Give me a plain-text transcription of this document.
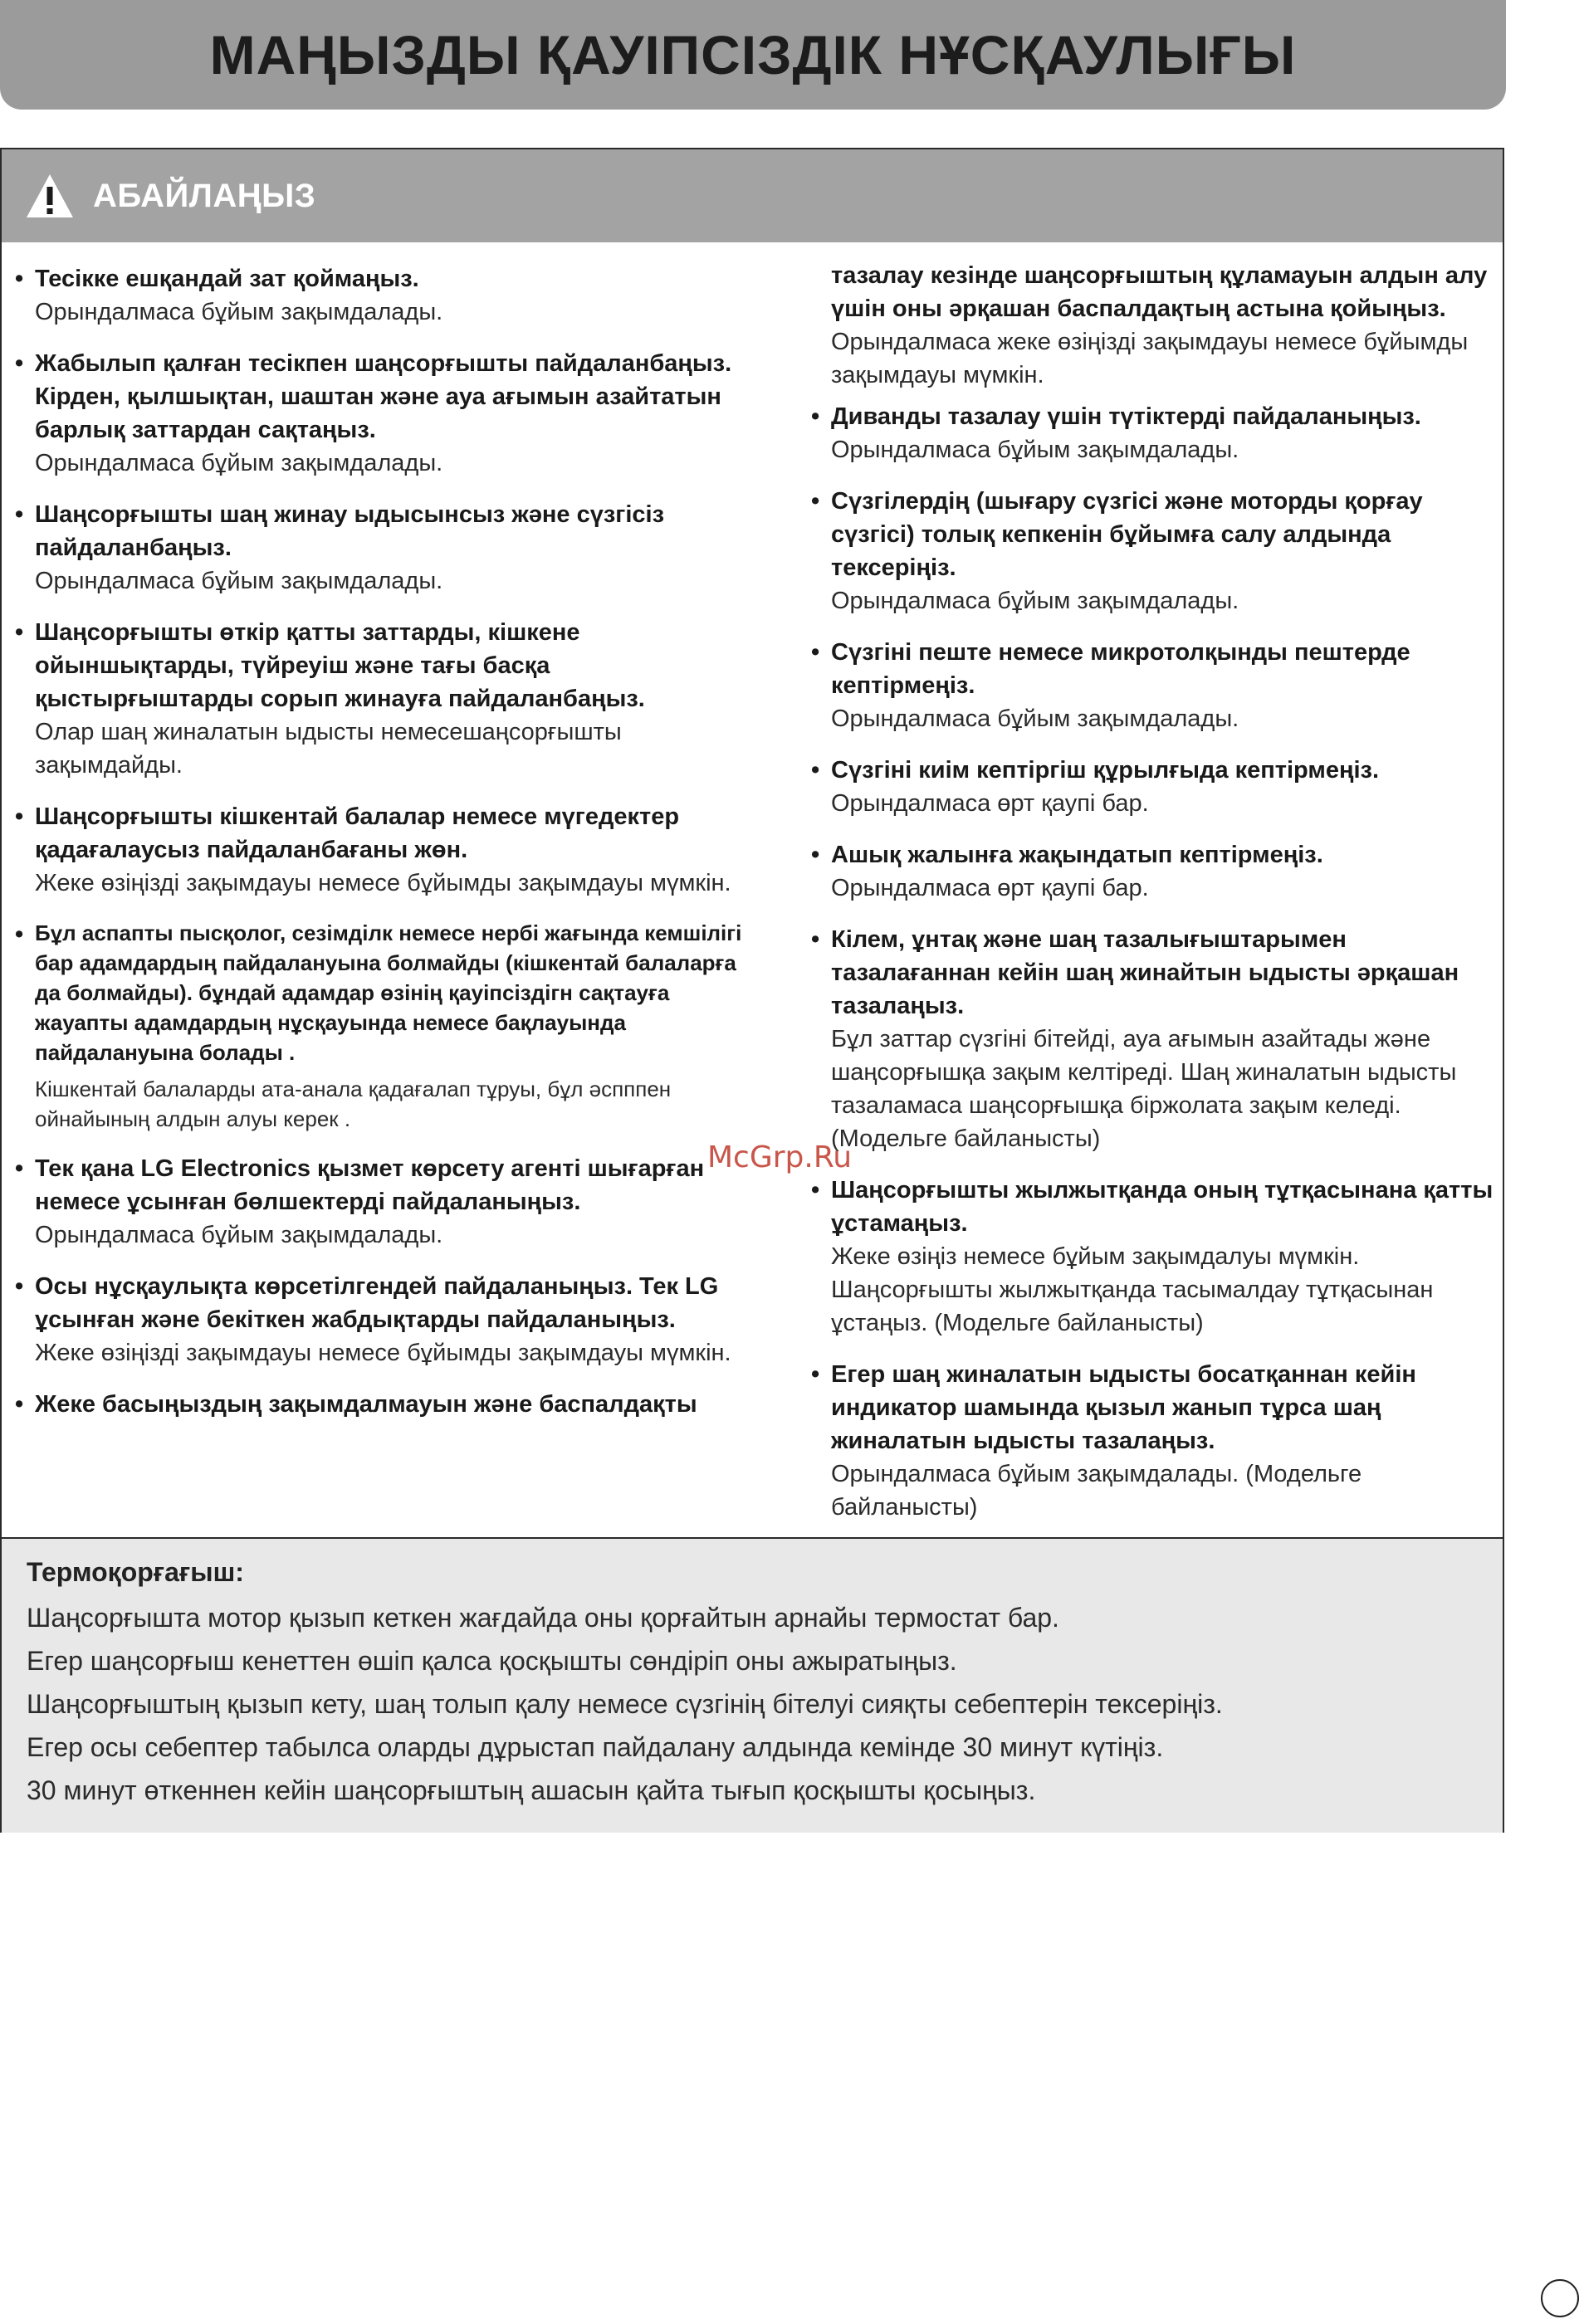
МАҢЫЗДЫ ҚАУІПСІЗДІК НҰСҚАУЛЫҒЫ
АБАЙЛАҢЫЗ

• Тесікке ешқандай зат қоймаңыз.

Орындалмаса бұйым зақымдалады.

• Жабылып қалған тесікпен шаңсорғышты пайдаланбаңыз. Кірден, қылшықтан, шаштан және ауа ағымын азайтатын барлық заттардан сақтаңыз.

Орындалмаса бұйым зақымдалады.

• Шаңсорғышты шаң жинау ыдысынсыз және сүзгісіз пайдаланбаңыз.

Орындалмаса бұйым зақымдалады.

• Шаңсорғышты өткір қатты заттарды, кішкене ойыншықтарды, түйреуіш және тағы басқа қыстырғыштарды сорып жинауға пайдаланбаңыз.

Олар шаң жиналатын ыдысты немесешаңсорғышты зақымдайды.

• Шаңсорғышты кішкентай балалар немесе мүгедектер қадағалаусыз пайдаланбағаны жөн.

Жеке өзіңізді зақымдауы немесе бұйымды зақымдауы мүмкін.

• Бұл аспапты пысқолог, сезімділк немесе нербі жағында кемшілігі бар адамдардың пайдалануына болмайды (кішкентай балаларға да болмайды). бұндай адамдар өзінің қауіпсіздігн сақтауға жауапты адамдардың нұсқауында немесе бақлауында пайдалануына болады .

Кішкентай балаларды ата-анала қадағалап тұруы, бұл әспппен ойнайының алдын алуы керек .

• Тек қана LG Electronics қызмет көрсету агенті шығарған немесе ұсынған бөлшектерді пайдаланыңыз.

Орындалмаса бұйым зақымдалады.

• Осы нұсқаулықта көрсетілгендей пайдаланыңыз. Тек LG ұсынған және бекіткен жабдықтарды пайдаланыңыз.

Жеке өзіңізді зақымдауы немесе бұйымды зақымдауы мүмкін.

• Жеке басыңыздың зақымдалмауын және баспалдақты

тазалау кезінде шаңсорғыштың құламауын алдын алу үшін оны әрқашан баспалдақтың астына қойыңыз.

Орындалмаса жеке өзіңізді зақымдауы немесе бұйымды зақымдауы мүмкін.

• Диванды тазалау үшін түтіктерді пайдаланыңыз.

Орындалмаса бұйым зақымдалады.

• Сүзгілердің (шығару сүзгісі және моторды қорғау сүзгісі) толық кепкенін бұйымға салу алдында тексеріңіз.

Орындалмаса бұйым зақымдалады.

• Сүзгіні пеште немесе микротолқынды пештерде кептірмеңіз.

Орындалмаса бұйым зақымдалады.

• Сүзгіні киім кептіргіш құрылғыда кептірмеңіз.

Орындалмаса өрт қаупі бар.

• Ашық жалынға жақындатып кептірмеңіз.

Орындалмаса өрт қаупі бар.

• Кілем, ұнтақ және шаң тазалығыштарымен тазалағаннан кейін шаң жинайтын ыдысты әрқашан тазалаңыз.

Бұл заттар сүзгіні бітейді, ауа ағымын азайтады және шаңсорғышқа зақым келтіреді. Шаң жиналатын ыдысты тазаламаса шаңсорғышқа біржолата зақым келеді. (Модельге байланысты)

• Шаңсорғышты жылжытқанда оның тұтқасынана қатты ұстамаңыз.

Жеке өзіңіз немесе бұйым зақымдалуы мүмкін. Шаңсорғышты жылжытқанда тасымалдау тұтқасынан ұстаңыз. (Модельге байланысты)

• Егер шаң жиналатын ыдысты босатқаннан кейін индикатор шамында қызыл жанып тұрса шаң жиналатын ыдысты тазалаңыз.

Орындалмаса бұйым зақымдалады. (Модельге байланысты)

Термоқорғағыш:

Шаңсорғышта мотор қызып кеткен жағдайда оны қорғайтын арнайы термостат бар.

Егер шаңсорғыш кенеттен өшіп қалса қосқышты сөндіріп оны ажыратыңыз.

Шаңсорғыштың қызып кету, шаң толып қалу немесе сүзгінің бітелуі сияқты себептерін тексеріңіз.

Егер осы себептер табылса оларды дұрыстап пайдалану алдында кемінде 30 минут күтіңіз.

30 минут өткеннен кейін шаңсорғыштың ашасын қайта тығып қосқышты қосыңыз.

McGrp.Ru
